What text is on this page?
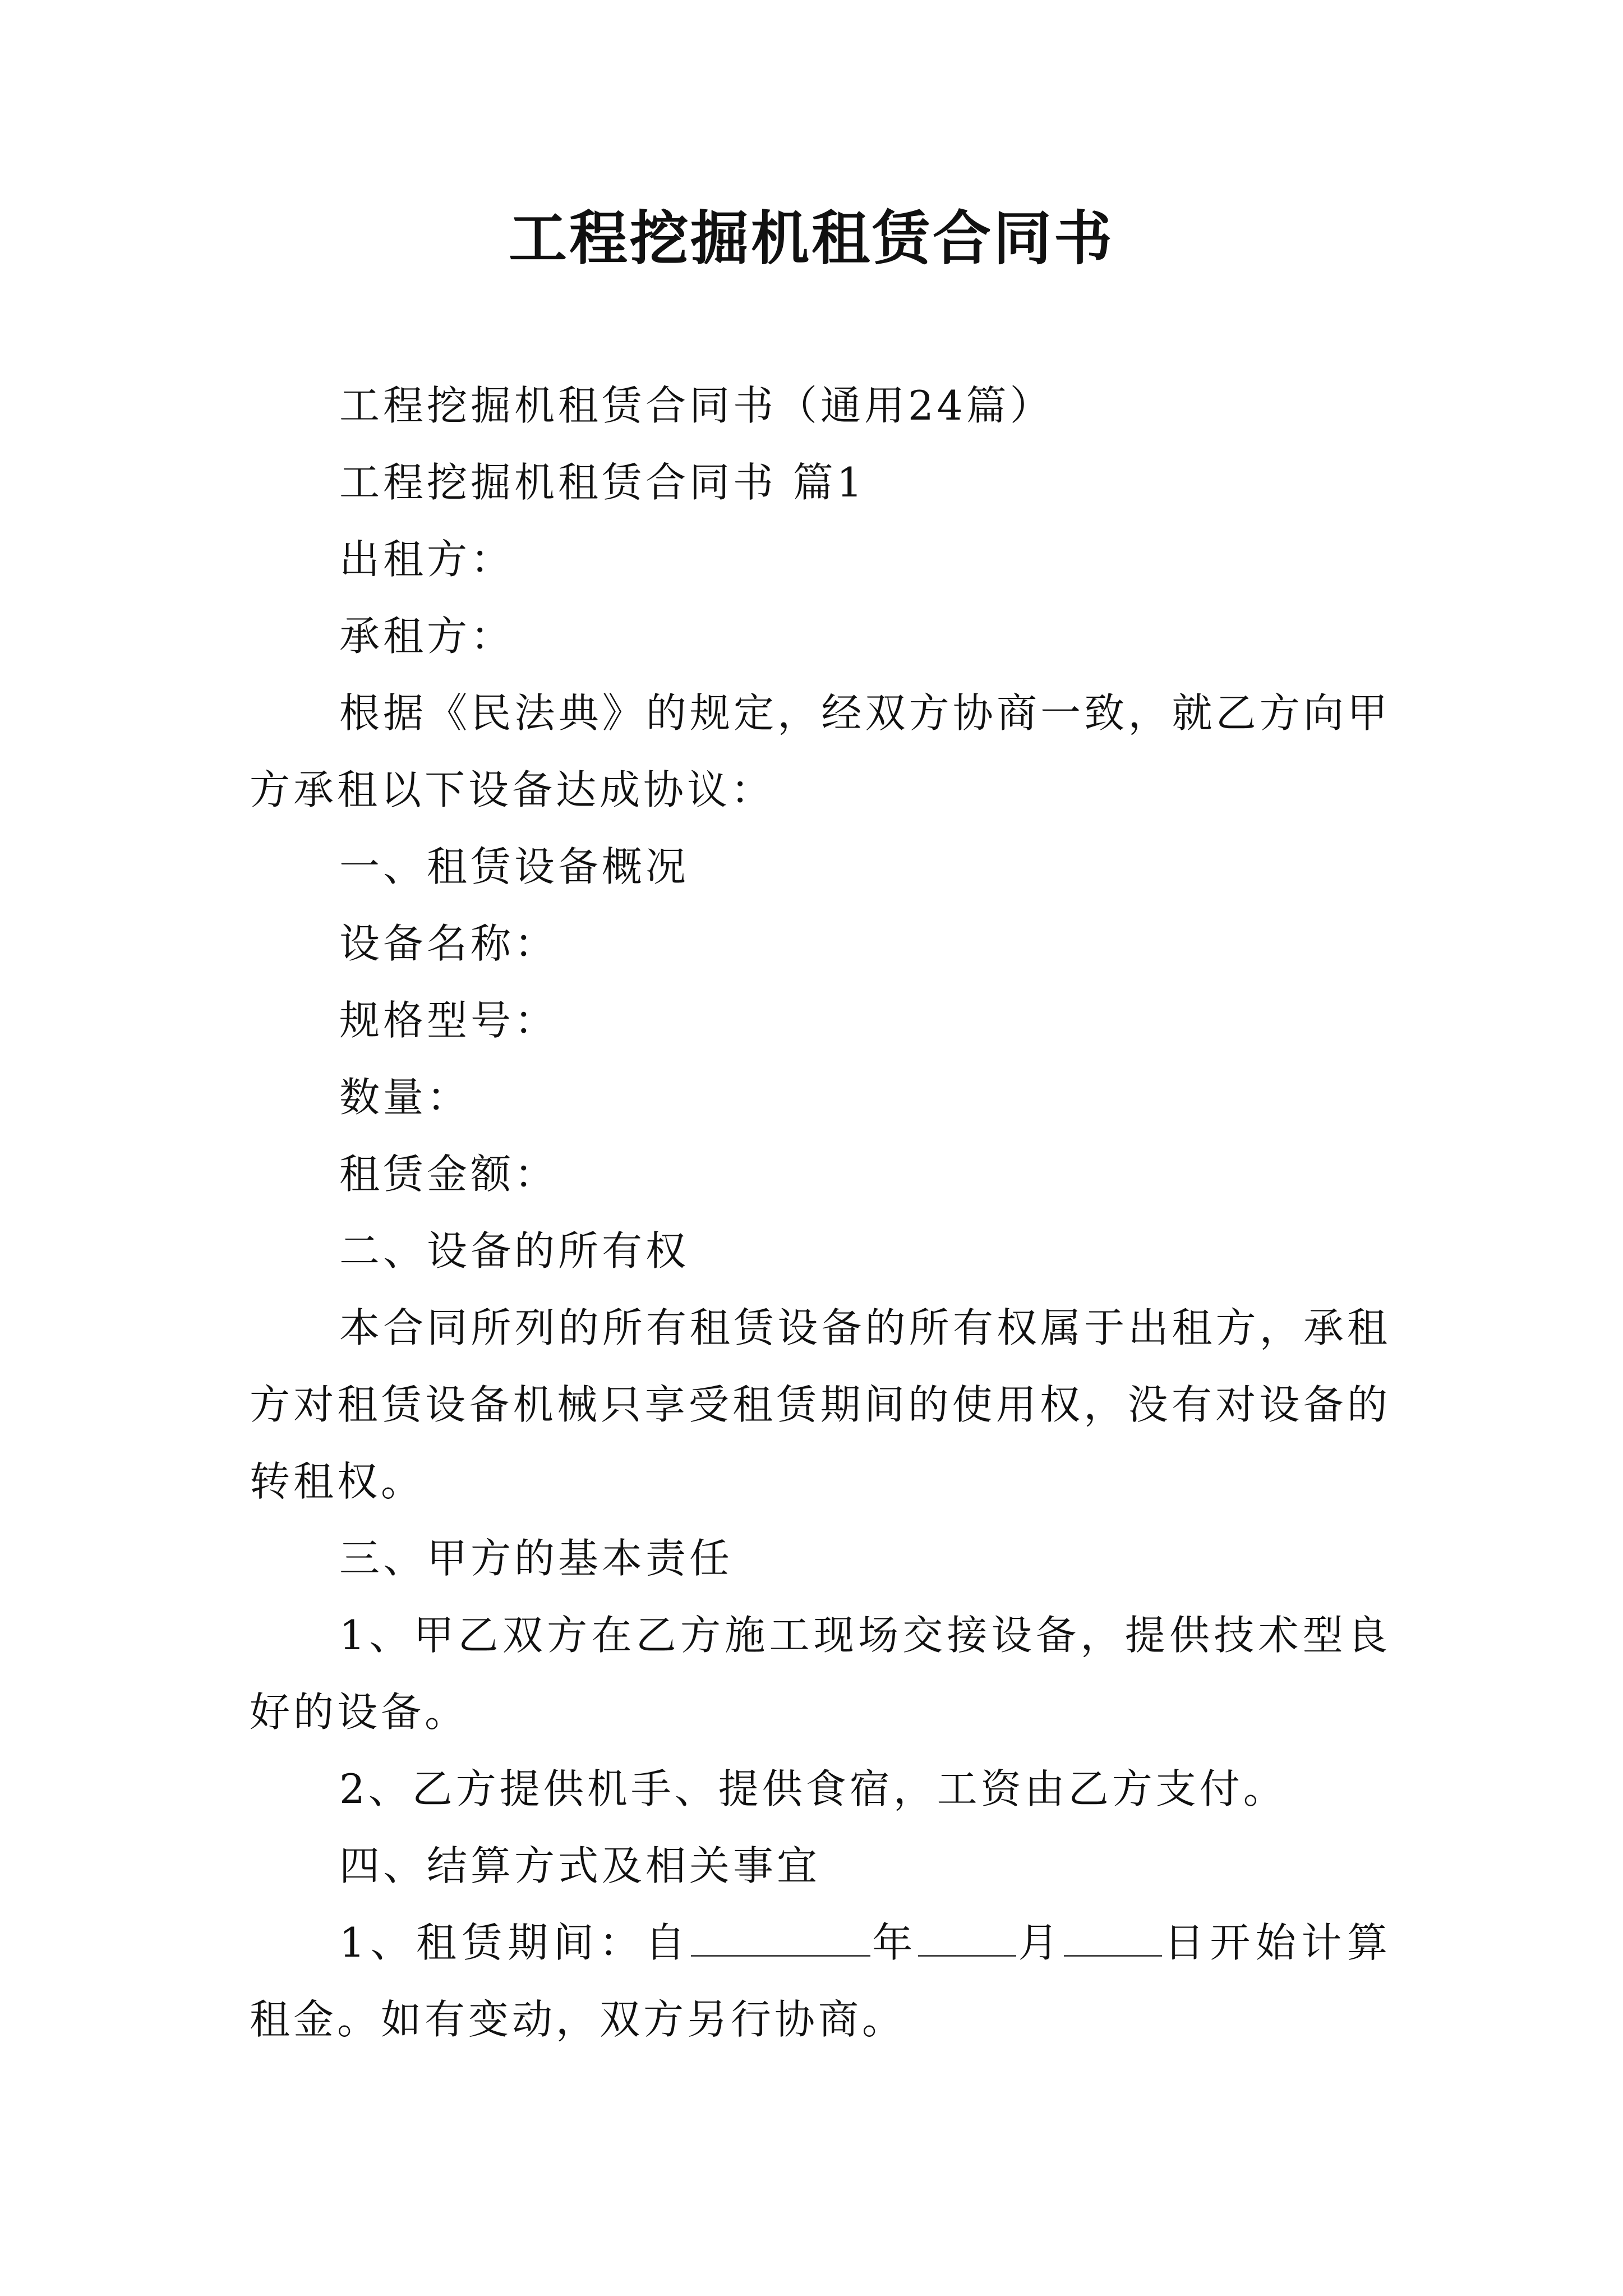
工程挖掘机租赁合同书

工程挖掘机租赁合同书（通用24篇）

工程挖掘机租赁合同书 篇1

出租方：

承租方：

根据《民法典》的规定，经双方协商一致，就乙方向甲方承租以下设备达成协议：

一、租赁设备概况

设备名称：

规格型号：

数量：

租赁金额：

二、设备的所有权

本合同所列的所有租赁设备的所有权属于出租方，承租方对租赁设备机械只享受租赁期间的使用权，没有对设备的转租权。

三、甲方的基本责任

1、甲乙双方在乙方施工现场交接设备，提供技术型良好的设备。

2、乙方提供机手、提供食宿，工资由乙方支付。

四、结算方式及相关事宜

1、租赁期间：自	年 月 日开始计算租金。如有变动，双方另行协商。
